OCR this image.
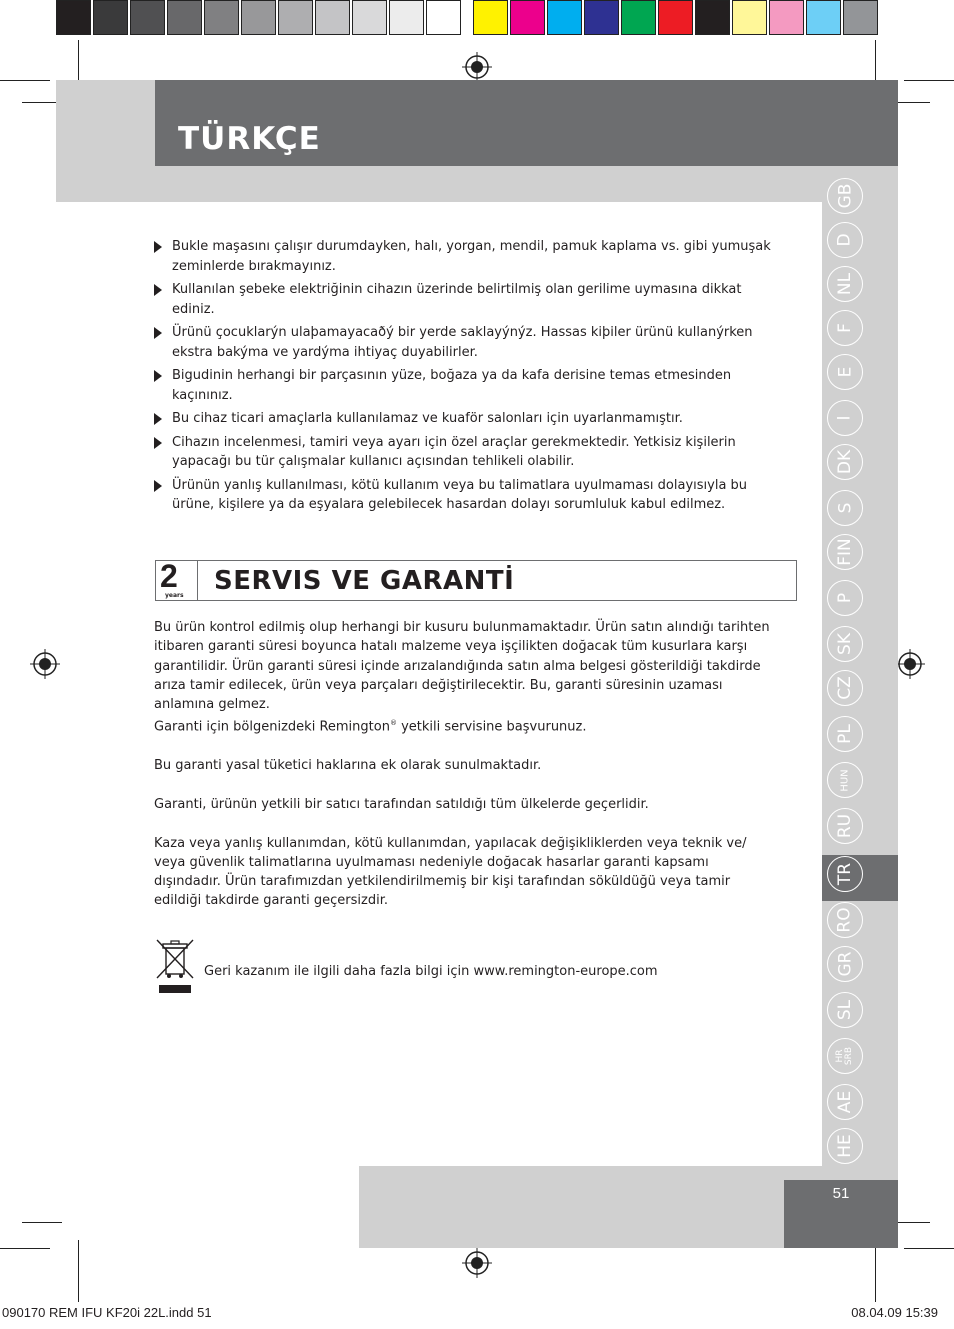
TÜRKÇE
GB
D
NL
F
E
I
DK
S
FIN
P
SK
CZ
PL
HUN
RU
TR
RO
GR
SL
HR
SRB
AE
HE
Bukle maşasını çalışır durumdayken, halı, yorgan, mendil, pamuk kaplama vs. gibi yumuşak zeminlerde bırakmayınız.
Kullanılan şebeke elektriğinin cihazın üzerinde belirtilmiş olan gerilime uymasına dikkat ediniz.
Ürünü çocuklarýn ulaþamayacaðý bir yerde saklayýnýz. Hassas kiþiler ürünü kullanýrken ekstra bakýma ve yardýma ihtiyaç duyabilirler.
Bigudinin herhangi bir parçasının yüze, boğaza ya da kafa derisine temas etmesinden kaçınınız.
Bu cihaz ticari amaçlarla kullanılamaz ve kuaför salonları için uyarlanmamıştır.
Cihazın incelenmesi, tamiri veya ayarı için özel araçlar gerekmektedir. Yetkisiz kişilerin yapacağı bu tür çalışmalar kullanıcı açısından tehlikeli olabilir.
Ürünün yanlış kullanılması, kötü kullanım veya bu talimatlara uyulmaması dolayısıyla bu ürüne, kişilere ya da eşyalara gelebilecek hasardan dolayı sorumluluk kabul edilmez.
2
years SERVIS VE GARANTİ

Bu ürün kontrol edilmiş olup herhangi bir kusuru bulunmamaktadır. Ürün satın alındığı tarihten itibaren garanti süresi boyunca hatalı malzeme veya işçilikten doğacak tüm kusurlara karşı garantilidir. Ürün garanti süresi içinde arızalandığında satın alma belgesi gösterildiği takdirde arıza tamir edilecek, ürün veya parçaları değiştirilecektir. Bu, garanti süresinin uzaması anlamına gelmez.

Garanti için bölgenizdeki Remington® yetkili servisine başvurunuz.

Bu garanti yasal tüketici haklarına ek olarak sunulmaktadır.

Garanti, ürünün yetkili bir satıcı tarafından satıldığı tüm ülkelerde geçerlidir.

Kaza veya yanlış kullanımdan, kötü kullanımdan, yapılacak değişikliklerden veya teknik ve/ veya güvenlik talimatlarına uyulmaması nedeniyle doğacak hasarlar garanti kapsamı dışındadır. Ürün tarafımızdan yetkilendirilmemiş bir kişi tarafından söküldüğü veya tamir edildiği takdirde garanti geçersizdir.

Geri kazanım ile ilgili daha fazla bilgi için www.remington-europe.com
51
090170 REM IFU KF20i 22L.indd 51	08.04.09 15:39
